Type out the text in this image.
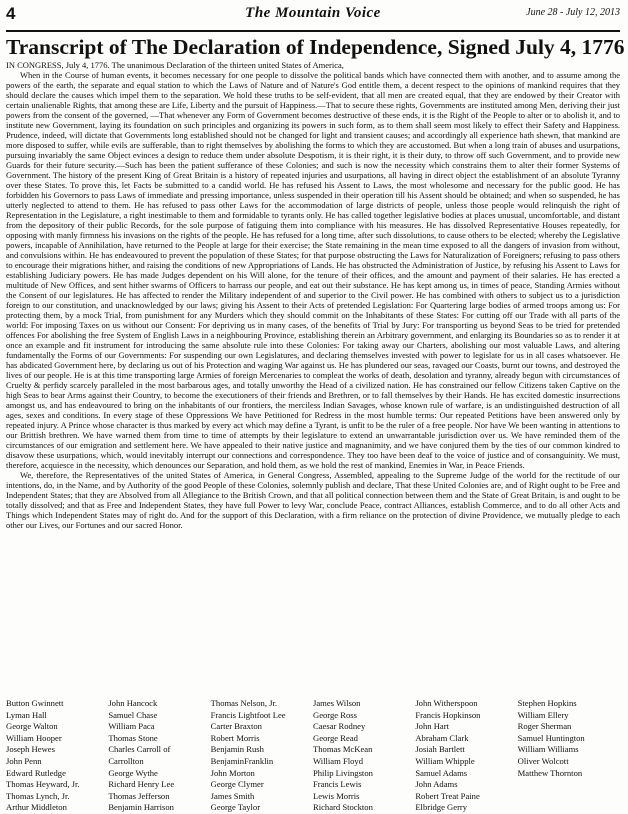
4	The Mountain Voice	June 28 - July 12, 2013
Transcript of The Declaration of Independence, Signed July 4, 1776

IN CONGRESS, July 4, 1776. The unanimous Declaration of the thirteen united States of America,

When in the Course of human events, it becomes necessary for one people to dissolve the political bands which have connected them with another, and to assume among the powers of the earth, the separate and equal station to which the Laws of Nature and of Nature's God entitle them, a decent respect to the opinions of mankind requires that they should declare the causes which impel them to the separation. We hold these truths to be self-evident, that all men are created equal, that they are endowed by their Creator with certain unalienable Rights, that among these are Life, Liberty and the pursuit of Happiness.—That to secure these rights, Governments are instituted among Men, deriving their just powers from the consent of the governed, —That whenever any Form of Government becomes destructive of these ends, it is the Right of the People to alter or to abolish it, and to institute new Government, laying its foundation on such principles and organizing its powers in such form, as to them shall seem most likely to effect their Safety and Happiness. Prudence, indeed, will dictate that Governments long established should not be changed for light and transient causes; and accordingly all experience hath shewn, that mankind are more disposed to suffer, while evils are sufferable, than to right themselves by abolishing the forms to which they are accustomed. But when a long train of abuses and usurpations, pursuing invariably the same Object evinces a design to reduce them under absolute Despotism, it is their right, it is their duty, to throw off such Government, and to provide new Guards for their future security.—Such has been the patient sufferance of these Colonies; and such is now the necessity which constrains them to alter their former Systems of Government. The history of the present King of Great Britain is a history of repeated injuries and usurpations, all having in direct object the establishment of an absolute Tyranny over these States. To prove this, let Facts be submitted to a candid world. He has refused his Assent to Laws, the most wholesome and necessary for the public good. He has forbidden his Governors to pass Laws of immediate and pressing importance, unless suspended in their operation till his Assent should be obtained; and when so suspended, he has utterly neglected to attend to them. He has refused to pass other Laws for the accommodation of large districts of people, unless those people would relinquish the right of Representation in the Legislature, a right inestimable to them and formidable to tyrants only. He has called together legislative bodies at places unusual, uncomfortable, and distant from the depository of their public Records, for the sole purpose of fatiguing them into compliance with his measures. He has dissolved Representative Houses repeatedly, for opposing with manly firmness his invasions on the rights of the people. He has refused for a long time, after such dissolutions, to cause others to be elected; whereby the Legislative powers, incapable of Annihilation, have returned to the People at large for their exercise; the State remaining in the mean time exposed to all the dangers of invasion from without, and convulsions within. He has endeavoured to prevent the population of these States; for that purpose obstructing the Laws for Naturalization of Foreigners; refusing to pass others to encourage their migrations hither, and raising the conditions of new Appropriations of Lands. He has obstructed the Administration of Justice, by refusing his Assent to Laws for establishing Judiciary powers. He has made Judges dependent on his Will alone, for the tenure of their offices, and the amount and payment of their salaries. He has erected a multitude of New Offices, and sent hither swarms of Officers to harrass our people, and eat out their substance. He has kept among us, in times of peace, Standing Armies without the Consent of our legislatures. He has affected to render the Military independent of and superior to the Civil power. He has combined with others to subject us to a jurisdiction foreign to our constitution, and unacknowledged by our laws; giving his Assent to their Acts of pretended Legislation: For Quartering large bodies of armed troops among us: For protecting them, by a mock Trial, from punishment for any Murders which they should commit on the Inhabitants of these States: For cutting off our Trade with all parts of the world: For imposing Taxes on us without our Consent: For depriving us in many cases, of the benefits of Trial by Jury: For transporting us beyond Seas to be tried for pretended offences For abolishing the free System of English Laws in a neighbouring Province, establishing therein an Arbitrary government, and enlarging its Boundaries so as to render it at once an example and fit instrument for introducing the same absolute rule into these Colonies: For taking away our Charters, abolishing our most valuable Laws, and altering fundamentally the Forms of our Governments: For suspending our own Legislatures, and declaring themselves invested with power to legislate for us in all cases whatsoever. He has abdicated Government here, by declaring us out of his Protection and waging War against us. He has plundered our seas, ravaged our Coasts, burnt our towns, and destroyed the lives of our people. He is at this time transporting large Armies of foreign Mercenaries to compleat the works of death, desolation and tyranny, already begun with circumstances of Cruelty & perfidy scarcely paralleled in the most barbarous ages, and totally unworthy the Head of a civilized nation. He has constrained our fellow Citizens taken Captive on the high Seas to bear Arms against their Country, to become the executioners of their friends and Brethren, or to fall themselves by their Hands. He has excited domestic insurrections amongst us, and has endeavoured to bring on the inhabitants of our frontiers, the merciless Indian Savages, whose known rule of warfare, is an undistinguished destruction of all ages, sexes and conditions. In every stage of these Oppressions We have Petitioned for Redress in the most humble terms: Our repeated Petitions have been answered only by repeated injury. A Prince whose character is thus marked by every act which may define a Tyrant, is unfit to be the ruler of a free people. Nor have We been wanting in attentions to our Brittish brethren. We have warned them from time to time of attempts by their legislature to extend an unwarrantable jurisdiction over us. We have reminded them of the circumstances of our emigration and settlement here. We have appealed to their native justice and magnanimity, and we have conjured them by the ties of our common kindred to disavow these usurpations, which, would inevitably interrupt our connections and correspondence. They too have been deaf to the voice of justice and of consanguinity. We must, therefore, acquiesce in the necessity, which denounces our Separation, and hold them, as we hold the rest of mankind, Enemies in War, in Peace Friends.

We, therefore, the Representatives of the united States of America, in General Congress, Assembled, appealing to the Supreme Judge of the world for the rectitude of our intentions, do, in the Name, and by Authority of the good People of these Colonies, solemnly publish and declare, That these United Colonies are, and of Right ought to be Free and Independent States; that they are Absolved from all Allegiance to the British Crown, and that all political connection between them and the State of Great Britain, is and ought to be totally dissolved; and that as Free and Independent States, they have full Power to levy War, conclude Peace, contract Alliances, establish Commerce, and to do all other Acts and Things which Independent States may of right do. And for the support of this Declaration, with a firm reliance on the protection of divine Providence, we mutually pledge to each other our Lives, our Fortunes and our sacred Honor.

Button Gwinnett
Lyman Hall
George Walton
William Hooper
Joseph Hewes
John Penn
Edward Rutledge
Thomas Heyward, Jr.
Thomas Lynch, Jr.
Arthur Middleton
John Hancock
Samuel Chase
William Paca
Thomas Stone
Charles Carroll of
Carrollton
George Wythe
Richard Henry Lee
Thomas Jefferson
Benjamin Harrison
Thomas Nelson, Jr.
Francis Lightfoot Lee
Carter Braxton
Robert Morris
Benjamin Rush
BenjaminFranklin
John Morton
George Clymer
James Smith
George Taylor
James Wilson
George Ross
Caesar Rodney
George Read
Thomas McKean
William Floyd
Philip Livingston
Francis Lewis
Lewis Morris
Richard Stockton
John Witherspoon
Francis Hopkinson
John Hart
Abraham Clark
Josiah Bartlett
William Whipple
Samuel Adams
John Adams
Robert Treat Paine
Elbridge Gerry
Stephen Hopkins
William Ellery
Roger Sherman
Samuel Huntington
William Williams
Oliver Wolcott
Matthew Thornton
